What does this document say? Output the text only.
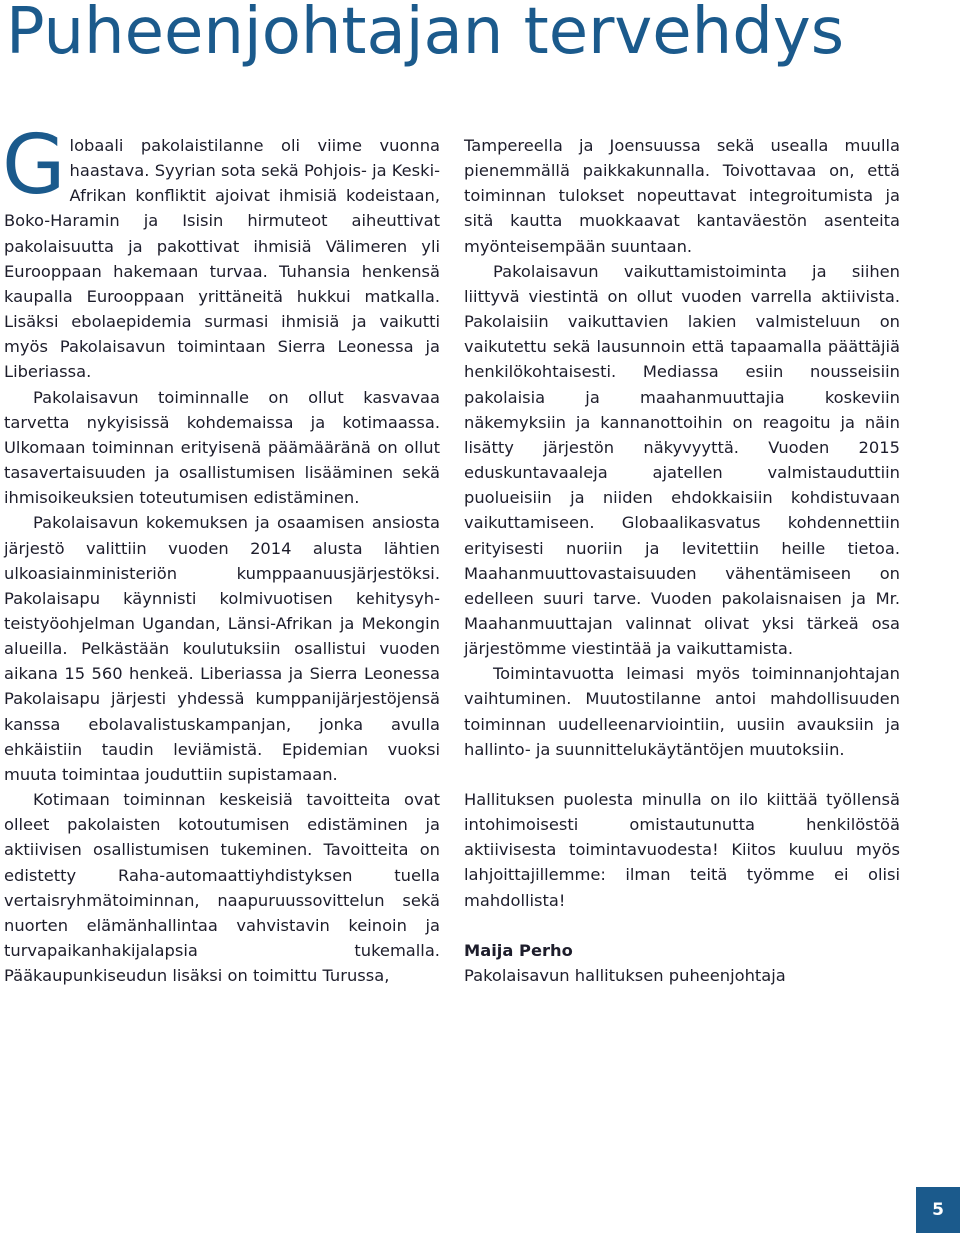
Puheenjohtajan tervehdys

Globaali pakolaistilanne oli viime vuonna haastava. Syyrian sota sekä Pohjois- ja Keski-Afrikan konfliktit ajoivat ihmisiä kodeistaan, Boko-Haramin ja Isisin hirmuteot aiheuttivat pakolaisuutta ja pakottivat ihmisiä Välimeren yli Eurooppaan hakemaan turvaa. Tuhansia henkensä kaupalla Eurooppaan yrittäneitä hukkui matkalla. Lisäksi ebolaepidemia surmasi ihmisiä ja vaikutti myös Pakolaisavun toimintaan Sierra Leonessa ja Liberiassa.

Pakolaisavun toiminnalle on ollut kasvavaa tarvetta nykyisissä kohdemaissa ja kotimaassa. Ulkomaan toiminnan erityisenä päämääränä on ollut tasavertaisuuden ja osallistumisen lisääminen sekä ihmisoikeuksien toteutumisen edistäminen.

Pakolaisavun kokemuksen ja osaamisen ansiosta järjestö valittiin vuoden 2014 alusta lähtien ulkoasiainministeriön kumppaanuusjärjestöksi. Pakolaisapu käynnisti kolmivuotisen kehitysyhteistyöohjelman Ugandan, Länsi-Afrikan ja Mekongin alueilla. Pelkästään koulutuksiin osallistui vuoden aikana 15 560 henkeä. Liberiassa ja Sierra Leonessa Pakolaisapu järjesti yhdessä kumppanijärjestöjensä kanssa ebolavalistuskampanjan, jonka avulla ehkäistiin taudin leviämistä. Epidemian vuoksi muuta toimintaa jouduttiin supistamaan.

Kotimaan toiminnan keskeisiä tavoitteita ovat olleet pakolaisten kotoutumisen edistäminen ja aktiivisen osallistumisen tukeminen. Tavoitteita on edistetty Raha-automaattiyhdistyksen tuella vertaisryhmätoiminnan, naapuruussovittelun sekä nuorten elämänhallintaa vahvistavin keinoin ja turvapaikanhakijalapsia tukemalla. Pääkaupunkiseudun lisäksi on toimittu Turussa,

Tampereella ja Joensuussa sekä usealla muulla pienemmällä paikkakunnalla. Toivottavaa on, että toiminnan tulokset nopeuttavat integroitumista ja sitä kautta muokkaavat kantaväestön asenteita myönteisempään suuntaan.

Pakolaisavun vaikuttamistoiminta ja siihen liittyvä viestintä on ollut vuoden varrella aktiivista. Pakolaisiin vaikuttavien lakien valmisteluun on vaikutettu sekä lausunnoin että tapaamalla päättäjiä henkilökohtaisesti. Mediassa esiin nousseisiin pakolaisia ja maahanmuuttajia koskeviin näkemyksiin ja kannanottoihin on reagoitu ja näin lisätty järjestön näkyvyyttä. Vuoden 2015 eduskuntavaaleja ajatellen valmistauduttiin puolueisiin ja niiden ehdokkaisiin kohdistuvaan vaikuttamiseen. Globaalikasvatus kohdennettiin erityisesti nuoriin ja levitettiin heille tietoa. Maahanmuuttovastaisuuden vähentämiseen on edelleen suuri tarve. Vuoden pakolaisnaisen ja Mr. Maahanmuuttajan valinnat olivat yksi tärkeä osa järjestömme viestintää ja vaikuttamista.

Toimintavuotta leimasi myös toiminnanjohtajan vaihtuminen. Muutostilanne antoi mahdollisuuden toiminnan uudelleenarviointiin, uusiin avauksiin ja hallinto- ja suunnittelukäytäntöjen muutoksiin.

Hallituksen puolesta minulla on ilo kiittää työllensä intohimoisesti omistautunutta henkilöstöä aktiivisesta toimintavuodesta! Kiitos kuuluu myös lahjoittajillemme: ilman teitä työmme ei olisi mahdollista!

Maija Perho

Pakolaisavun hallituksen puheenjohtaja

5
